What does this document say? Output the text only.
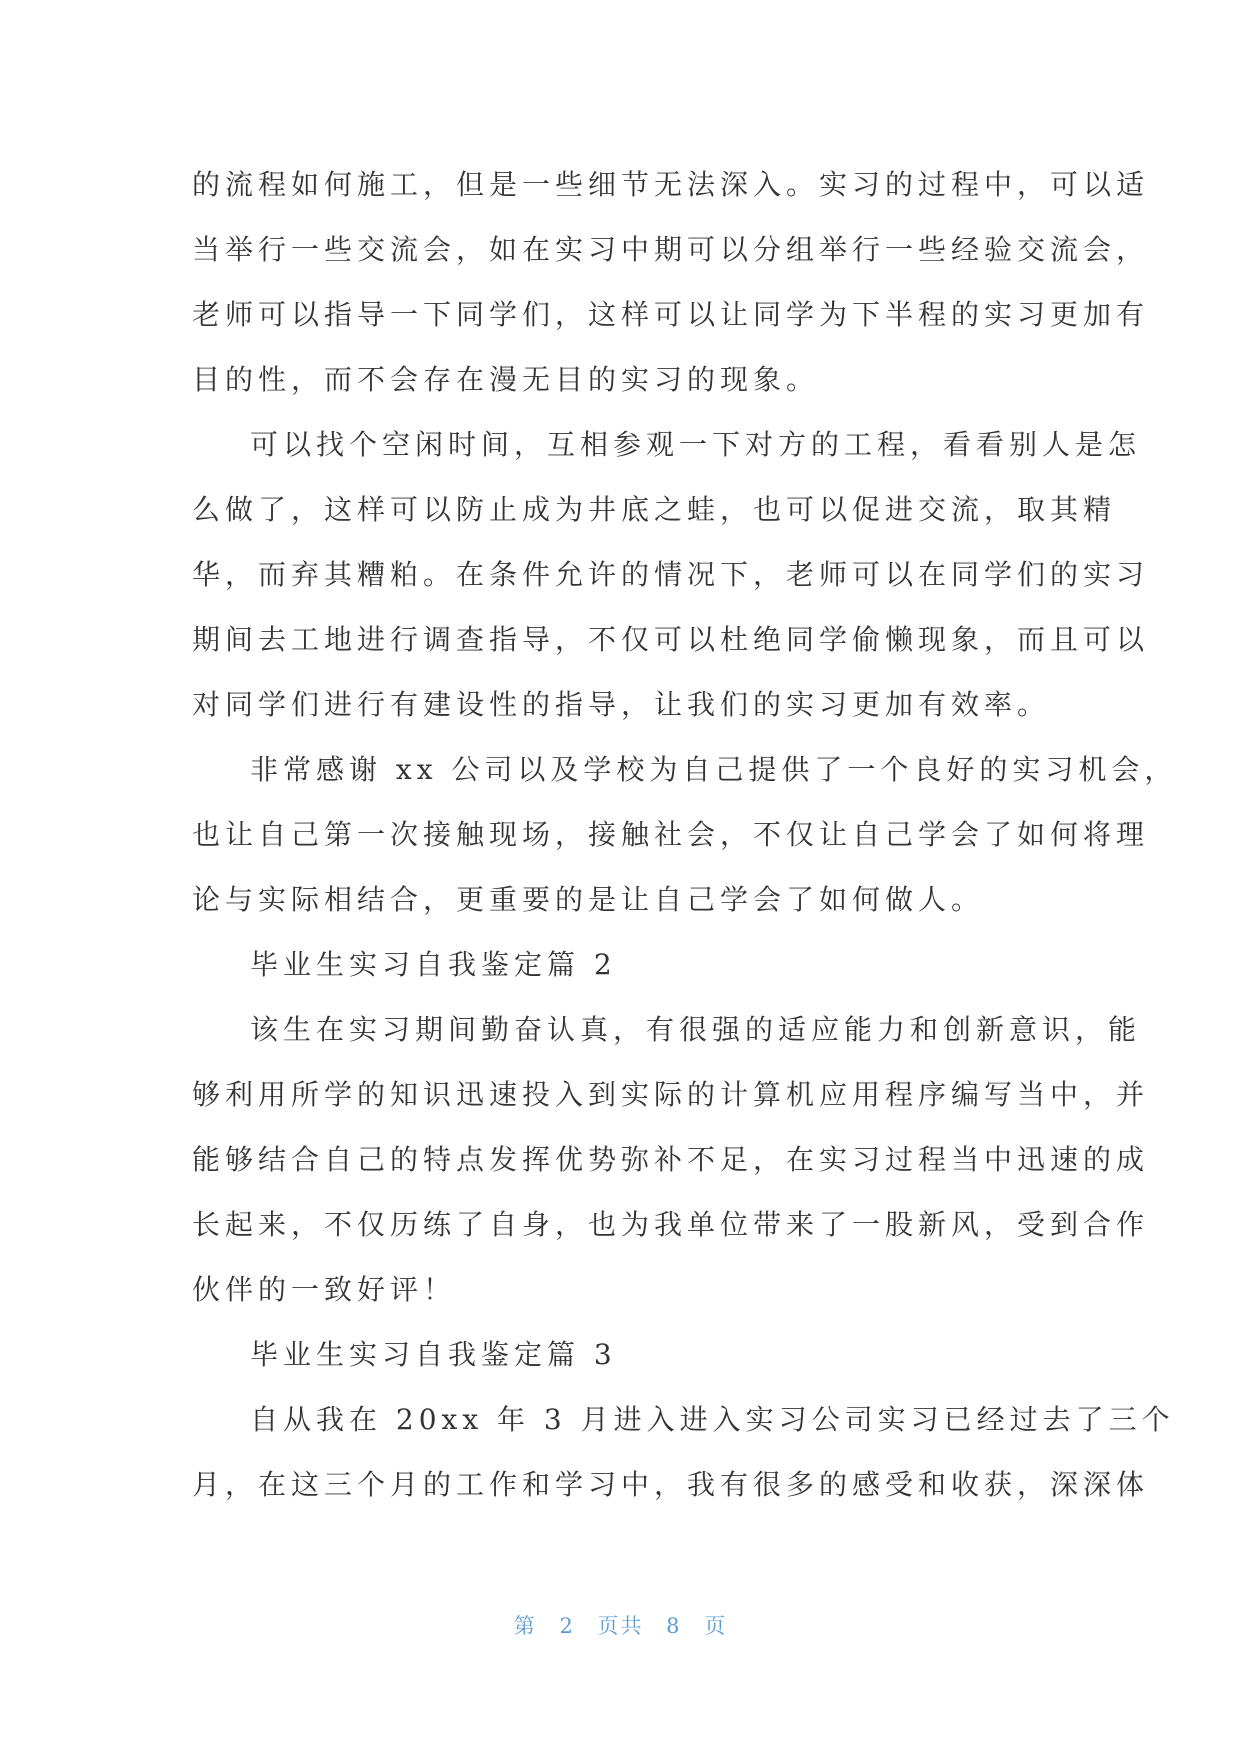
的流程如何施工，但是一些细节无法深入。实习的过程中，可以适
当举行一些交流会，如在实习中期可以分组举行一些经验交流会，
老师可以指导一下同学们，这样可以让同学为下半程的实习更加有
目的性，而不会存在漫无目的实习的现象。
可以找个空闲时间，互相参观一下对方的工程，看看别人是怎
么做了，这样可以防止成为井底之蛙，也可以促进交流，取其精
华，而弃其糟粕。在条件允许的情况下，老师可以在同学们的实习
期间去工地进行调查指导，不仅可以杜绝同学偷懒现象，而且可以
对同学们进行有建设性的指导，让我们的实习更加有效率。
非常感谢 xx 公司以及学校为自己提供了一个良好的实习机会，
也让自己第一次接触现场，接触社会，不仅让自己学会了如何将理
论与实际相结合，更重要的是让自己学会了如何做人。
毕业生实习自我鉴定篇 2
该生在实习期间勤奋认真，有很强的适应能力和创新意识，能
够利用所学的知识迅速投入到实际的计算机应用程序编写当中，并
能够结合自己的特点发挥优势弥补不足，在实习过程当中迅速的成
长起来，不仅历练了自身，也为我单位带来了一股新风，受到合作
伙伴的一致好评！
毕业生实习自我鉴定篇 3
自从我在 20xx 年 3 月进入进入实习公司实习已经过去了三个
月，在这三个月的工作和学习中，我有很多的感受和收获，深深体
第 2 页共 8 页
